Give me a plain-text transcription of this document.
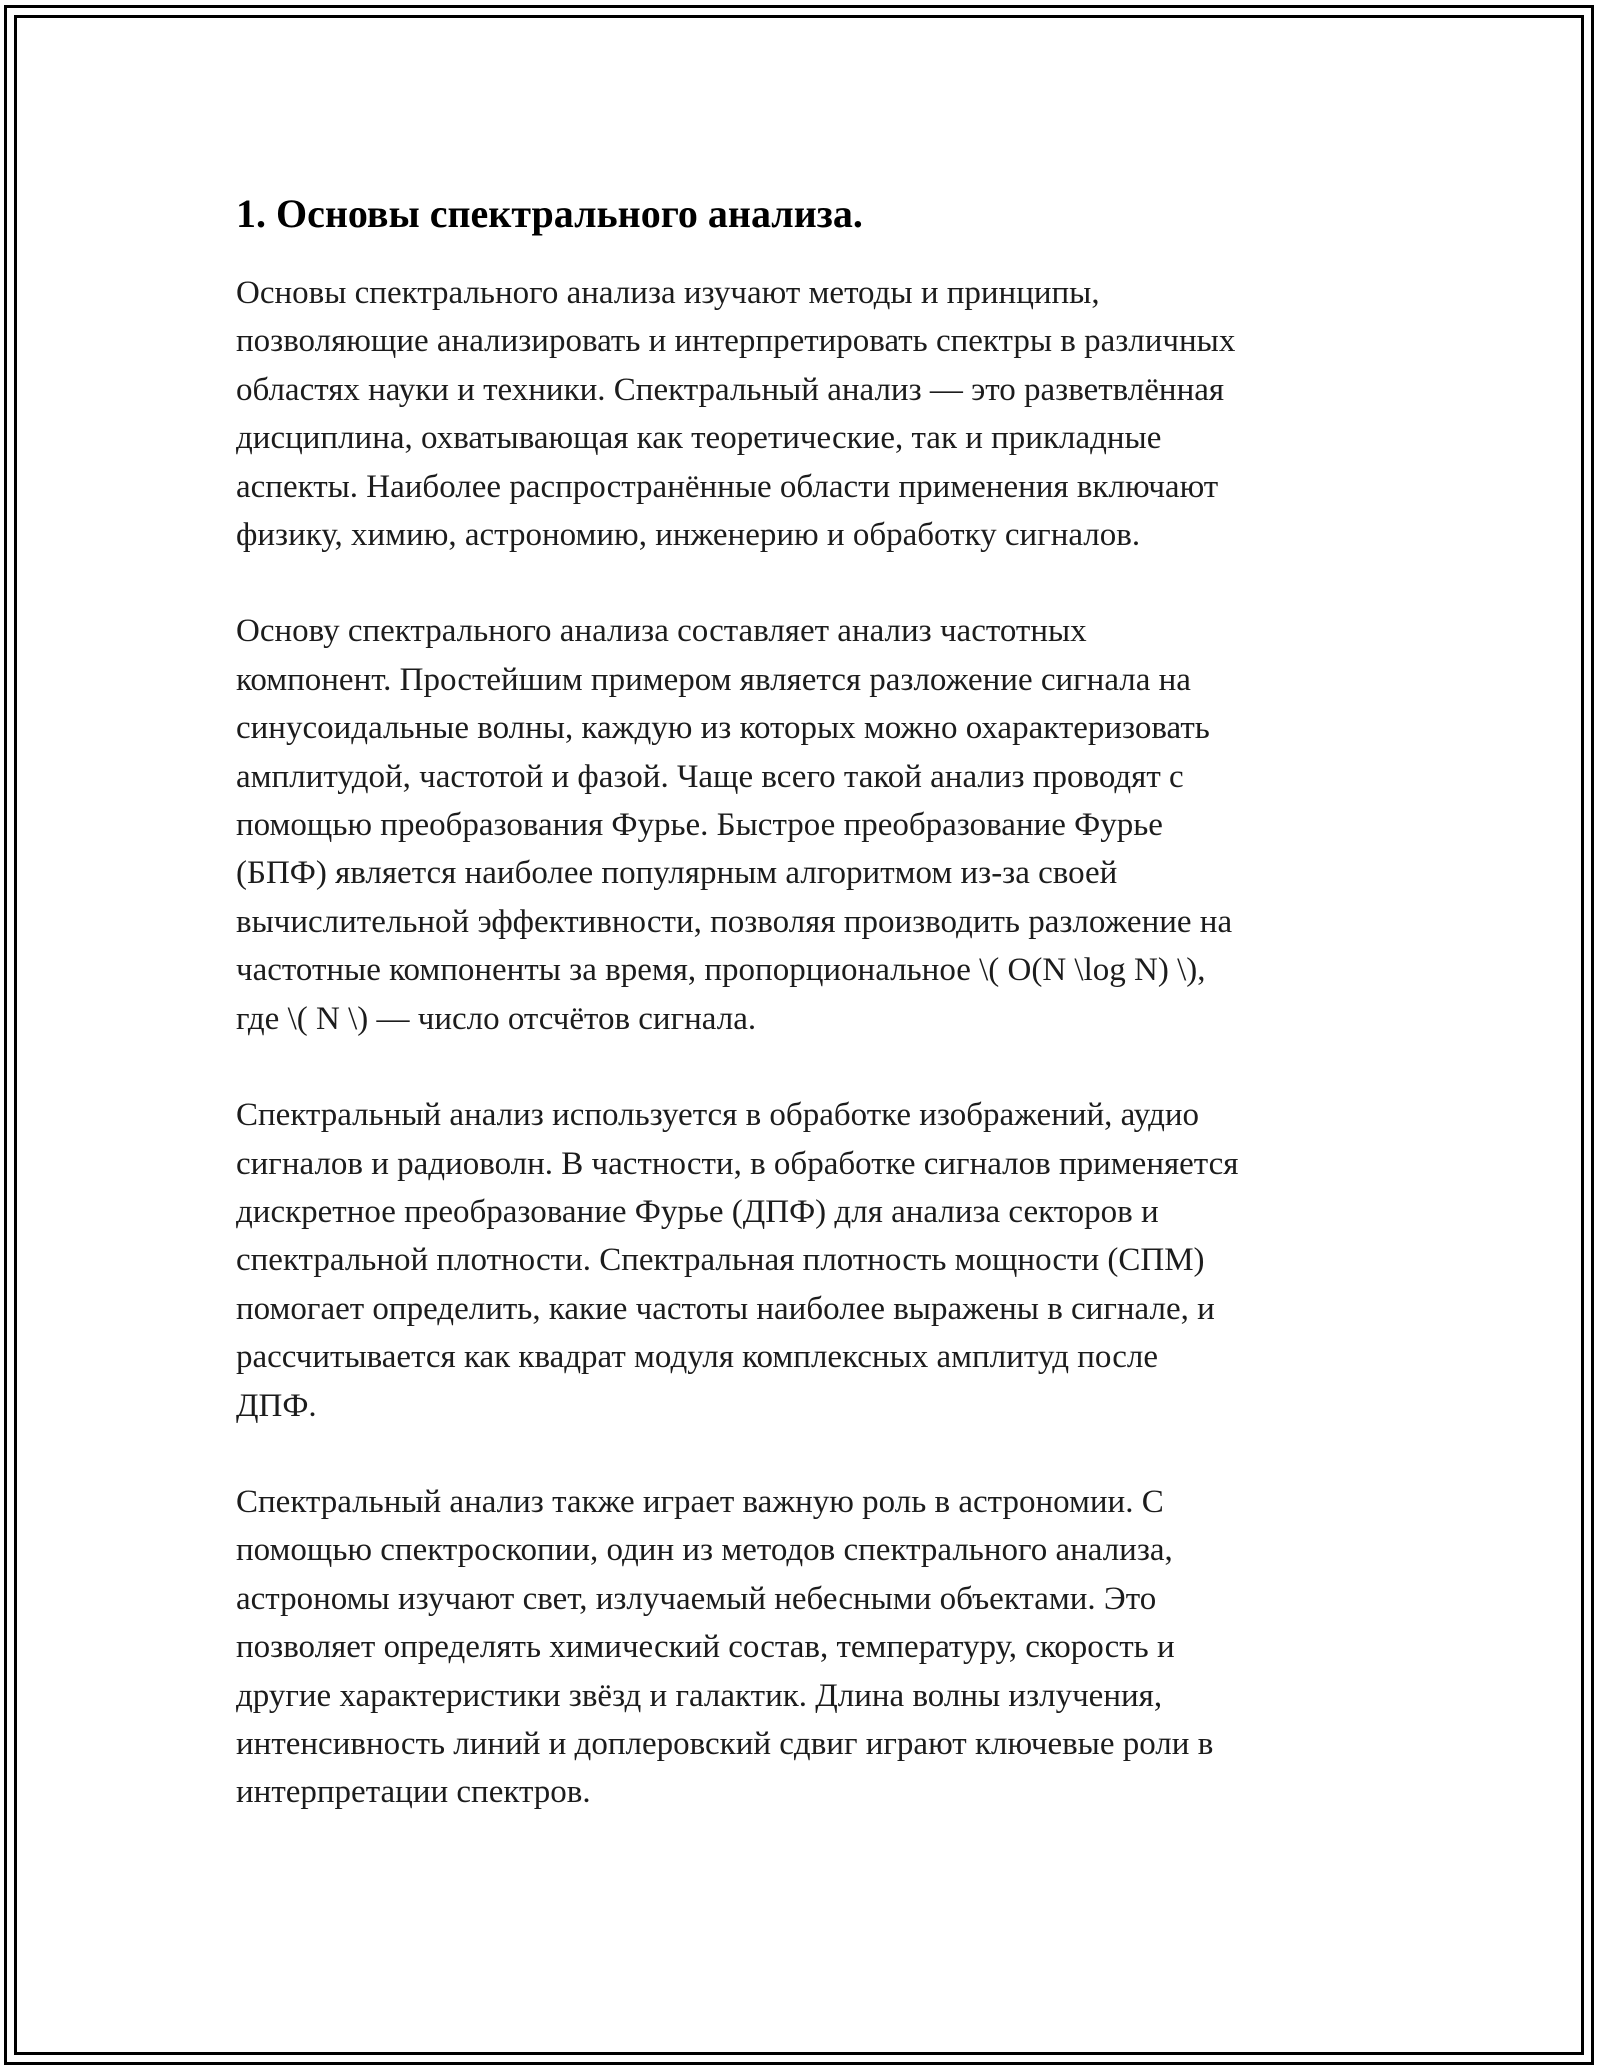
1. Основы спектрального анализа.

Основы спектрального анализа изучают методы и принципы,
позволяющие анализировать и интерпретировать спектры в различных
областях науки и техники. Спектральный анализ — это разветвлённая
дисциплина, охватывающая как теоретические, так и прикладные
аспекты. Наиболее распространённые области применения включают
физику, химию, астрономию, инженерию и обработку сигналов.

Основу спектрального анализа составляет анализ частотных
компонент. Простейшим примером является разложение сигнала на
синусоидальные волны, каждую из которых можно охарактеризовать
амплитудой, частотой и фазой. Чаще всего такой анализ проводят с
помощью преобразования Фурье. Быстрое преобразование Фурье
(БПФ) является наиболее популярным алгоритмом из-за своей
вычислительной эффективности, позволяя производить разложение на
частотные компоненты за время, пропорциональное \( O(N \log N) \),
где \( N \) — число отсчётов сигнала.

Спектральный анализ используется в обработке изображений, аудио
сигналов и радиоволн. В частности, в обработке сигналов применяется
дискретное преобразование Фурье (ДПФ) для анализа секторов и
спектральной плотности. Спектральная плотность мощности (СПМ)
помогает определить, какие частоты наиболее выражены в сигнале, и
рассчитывается как квадрат модуля комплексных амплитуд после
ДПФ.

Спектральный анализ также играет важную роль в астрономии. С
помощью спектроскопии, один из методов спектрального анализа,
астрономы изучают свет, излучаемый небесными объектами. Это
позволяет определять химический состав, температуру, скорость и
другие характеристики звёзд и галактик. Длина волны излучения,
интенсивность линий и доплеровский сдвиг играют ключевые роли в
интерпретации спектров.
